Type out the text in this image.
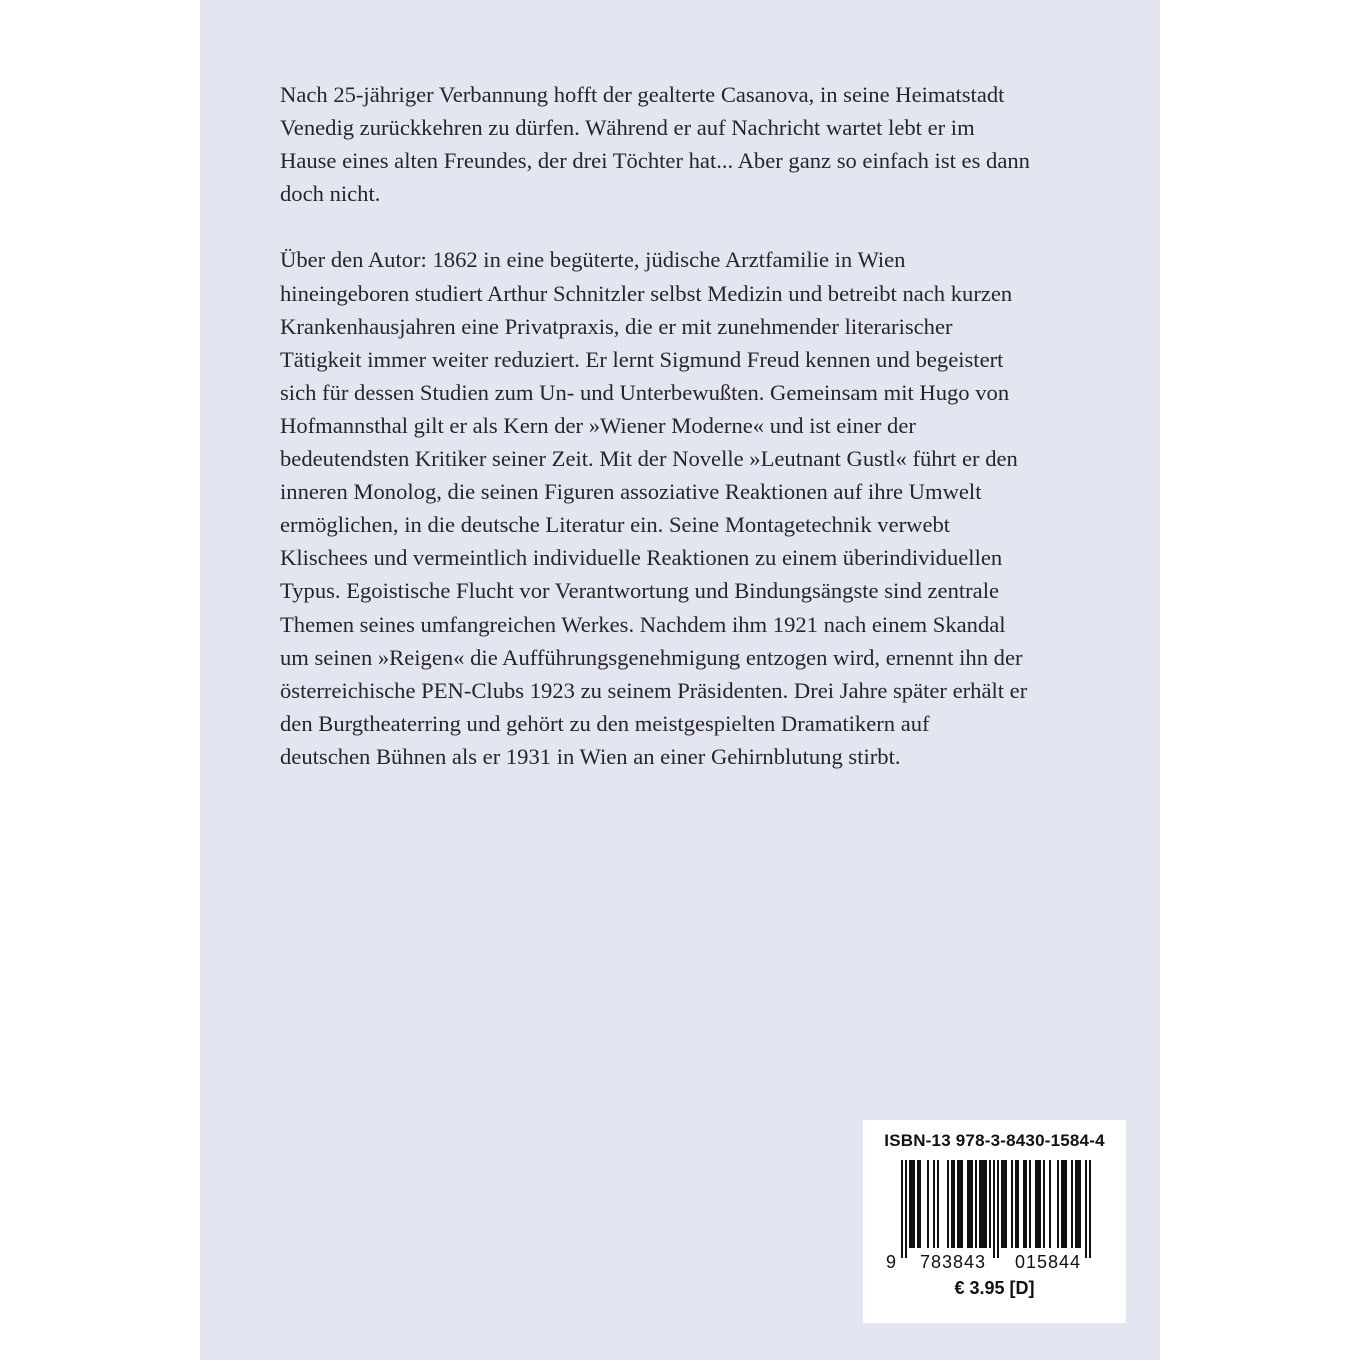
Nach 25-jähriger Verbannung hofft der gealterte Casanova, in seine Heimatstadt
Venedig zurückkehren zu dürfen. Während er auf Nachricht wartet lebt er im
Hause eines alten Freundes, der drei Töchter hat... Aber ganz so einfach ist es dann
doch nicht.

Über den Autor: 1862 in eine begüterte, jüdische Arztfamilie in Wien
hineingeboren studiert Arthur Schnitzler selbst Medizin und betreibt nach kurzen
Krankenhausjahren eine Privatpraxis, die er mit zunehmender literarischer
Tätigkeit immer weiter reduziert. Er lernt Sigmund Freud kennen und begeistert
sich für dessen Studien zum Un- und Unterbewußten. Gemeinsam mit Hugo von
Hofmannsthal gilt er als Kern der »Wiener Moderne« und ist einer der
bedeutendsten Kritiker seiner Zeit. Mit der Novelle »Leutnant Gustl« führt er den
inneren Monolog, die seinen Figuren assoziative Reaktionen auf ihre Umwelt
ermöglichen, in die deutsche Literatur ein. Seine Montagetechnik verwebt
Klischees und vermeintlich individuelle Reaktionen zu einem überindividuellen
Typus. Egoistische Flucht vor Verantwortung und Bindungsängste sind zentrale
Themen seines umfangreichen Werkes. Nachdem ihm 1921 nach einem Skandal
um seinen »Reigen« die Aufführungsgenehmigung entzogen wird, ernennt ihn der
österreichische PEN-Clubs 1923 zu seinem Präsidenten. Drei Jahre später erhält er
den Burgtheaterring und gehört zu den meistgespielten Dramatikern auf
deutschen Bühnen als er 1931 in Wien an einer Gehirnblutung stirbt.

ISBN-13 978-3-8430-1584-4
9 783843 015844
€ 3.95 [D]
